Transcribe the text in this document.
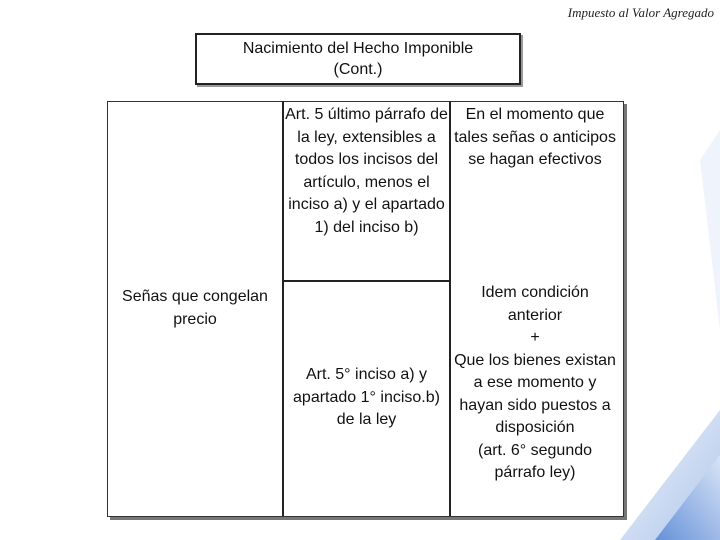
Impuesto al Valor Agregado
Nacimiento del Hecho Imponible
(Cont.)
Señas que congelan precio
Art. 5 último párrafo de la ley, extensibles a todos los incisos del artículo, menos el inciso a) y el apartado 1) del inciso b)
En el momento que tales señas o anticipos se hagan efectivos
Art. 5° inciso a) y apartado 1° inciso.b) de la ley
Idem condición anterior
+
Que los bienes existan a ese momento y hayan sido puestos a disposición
(art. 6° segundo párrafo ley)
